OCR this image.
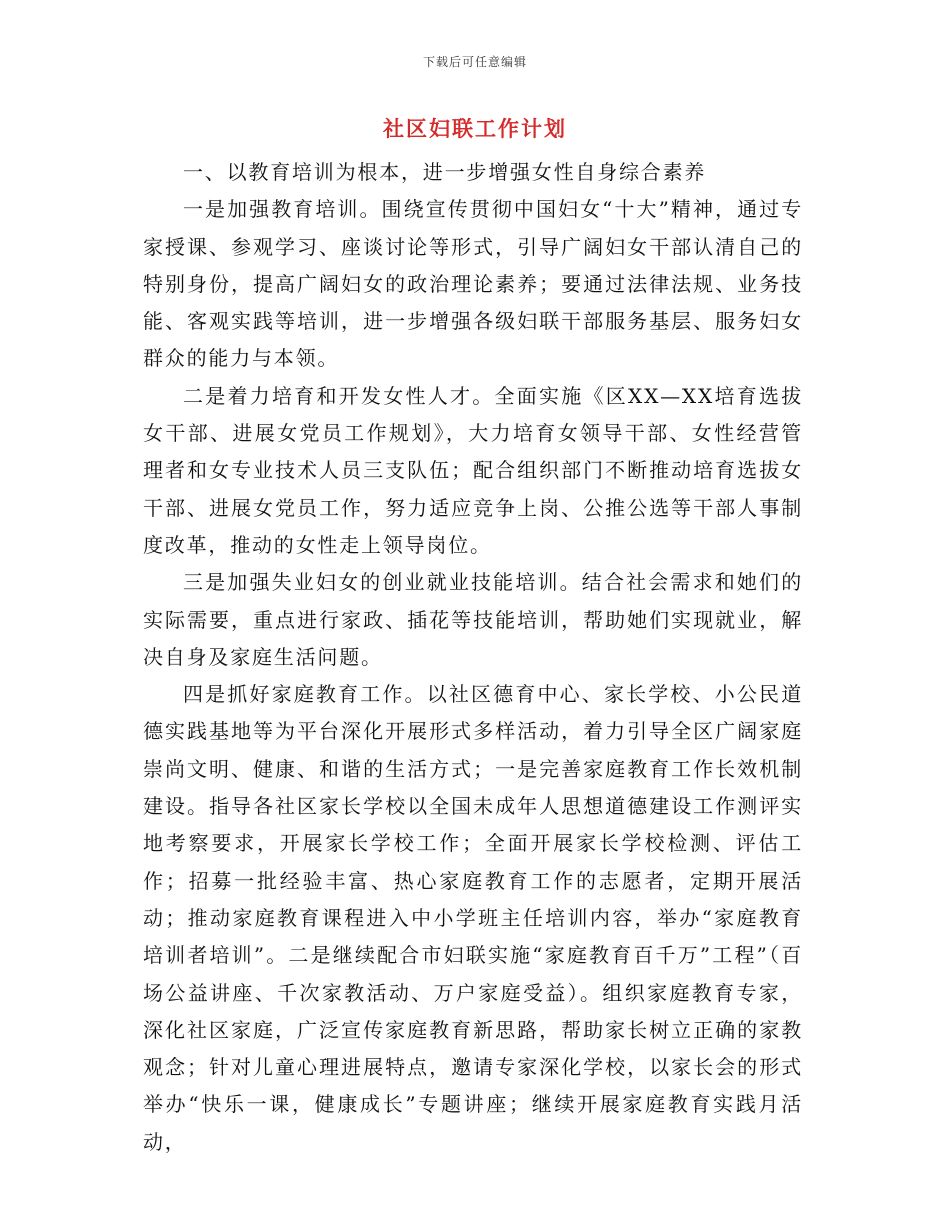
下载后可任意编辑
社区妇联工作计划

一、以教育培训为根本，进一步增强女性自身综合素养

一是加强教育培训。围绕宣传贯彻中国妇女“十大”精神，通过专家授课、参观学习、座谈讨论等形式，引导广阔妇女干部认清自己的特别身份，提高广阔妇女的政治理论素养；要通过法律法规、业务技能、客观实践等培训，进一步增强各级妇联干部服务基层、服务妇女群众的能力与本领。

二是着力培育和开发女性人才。全面实施《区XX—XX培育选拔女干部、进展女党员工作规划》，大力培育女领导干部、女性经营管理者和女专业技术人员三支队伍；配合组织部门不断推动培育选拔女干部、进展女党员工作，努力适应竞争上岗、公推公选等干部人事制度改革，推动的女性走上领导岗位。

三是加强失业妇女的创业就业技能培训。结合社会需求和她们的实际需要，重点进行家政、插花等技能培训，帮助她们实现就业，解决自身及家庭生活问题。

四是抓好家庭教育工作。以社区德育中心、家长学校、小公民道德实践基地等为平台深化开展形式多样活动，着力引导全区广阔家庭崇尚文明、健康、和谐的生活方式；一是完善家庭教育工作长效机制建设。指导各社区家长学校以全国未成年人思想道德建设工作测评实地考察要求，开展家长学校工作；全面开展家长学校检测、评估工作；招募一批经验丰富、热心家庭教育工作的志愿者，定期开展活动；推动家庭教育课程进入中小学班主任培训内容，举办“家庭教育培训者培训”。二是继续配合市妇联实施“家庭教育百千万”工程”（百场公益讲座、千次家教活动、万户家庭受益）。组织家庭教育专家，深化社区家庭，广泛宣传家庭教育新思路，帮助家长树立正确的家教观念；针对儿童心理进展特点，邀请专家深化学校，以家长会的形式举办“快乐一课，健康成长”专题讲座；继续开展家庭教育实践月活动，
